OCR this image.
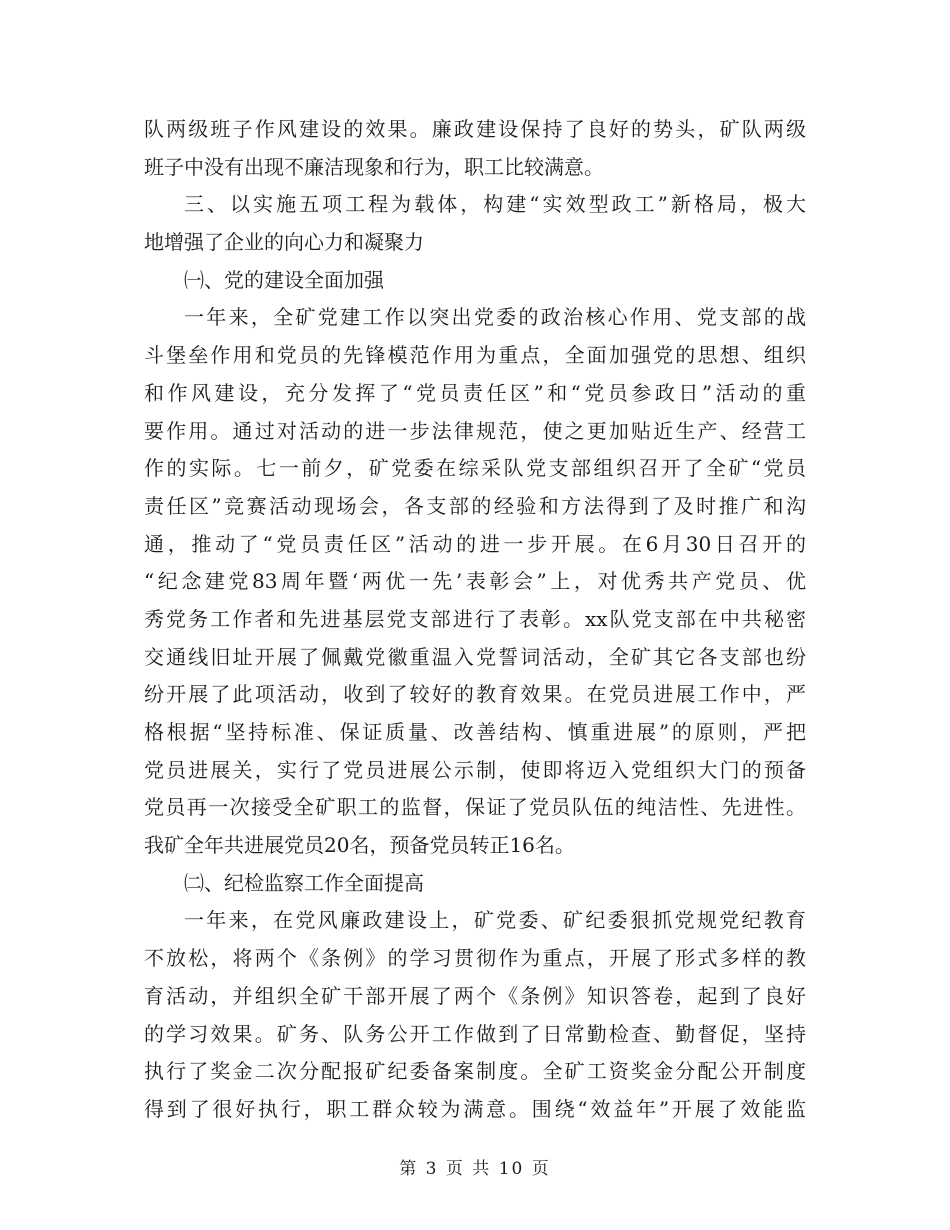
队两级班子作风建设的效果。廉政建设保持了良好的势头，矿队两级
班子中没有出现不廉洁现象和行为，职工比较满意。
三、以实施五项工程为载体，构建“实效型政工”新格局，极大
地增强了企业的向心力和凝聚力
㈠、党的建设全面加强
一年来，全矿党建工作以突出党委的政治核心作用、党支部的战
斗堡垒作用和党员的先锋模范作用为重点，全面加强党的思想、组织
和作风建设，充分发挥了“党员责任区”和“党员参政日”活动的重
要作用。通过对活动的进一步法律规范，使之更加贴近生产、经营工
作的实际。七一前夕，矿党委在综采队党支部组织召开了全矿“党员
责任区”竞赛活动现场会，各支部的经验和方法得到了及时推广和沟
通，推动了“党员责任区”活动的进一步开展。在6月30日召开的
“纪念建党83周年暨‘两优一先’表彰会”上，对优秀共产党员、优
秀党务工作者和先进基层党支部进行了表彰。xx队党支部在中共秘密
交通线旧址开展了佩戴党徽重温入党誓词活动，全矿其它各支部也纷
纷开展了此项活动，收到了较好的教育效果。在党员进展工作中，严
格根据“坚持标准、保证质量、改善结构、慎重进展”的原则，严把
党员进展关，实行了党员进展公示制，使即将迈入党组织大门的预备
党员再一次接受全矿职工的监督，保证了党员队伍的纯洁性、先进性。
我矿全年共进展党员20名，预备党员转正16名。
㈡、纪检监察工作全面提高
一年来，在党风廉政建设上，矿党委、矿纪委狠抓党规党纪教育
不放松，将两个《条例》的学习贯彻作为重点，开展了形式多样的教
育活动，并组织全矿干部开展了两个《条例》知识答卷，起到了良好
的学习效果。矿务、队务公开工作做到了日常勤检查、勤督促，坚持
执行了奖金二次分配报矿纪委备案制度。全矿工资奖金分配公开制度
得到了很好执行，职工群众较为满意。围绕“效益年”开展了效能监
第 3 页 共 10 页
